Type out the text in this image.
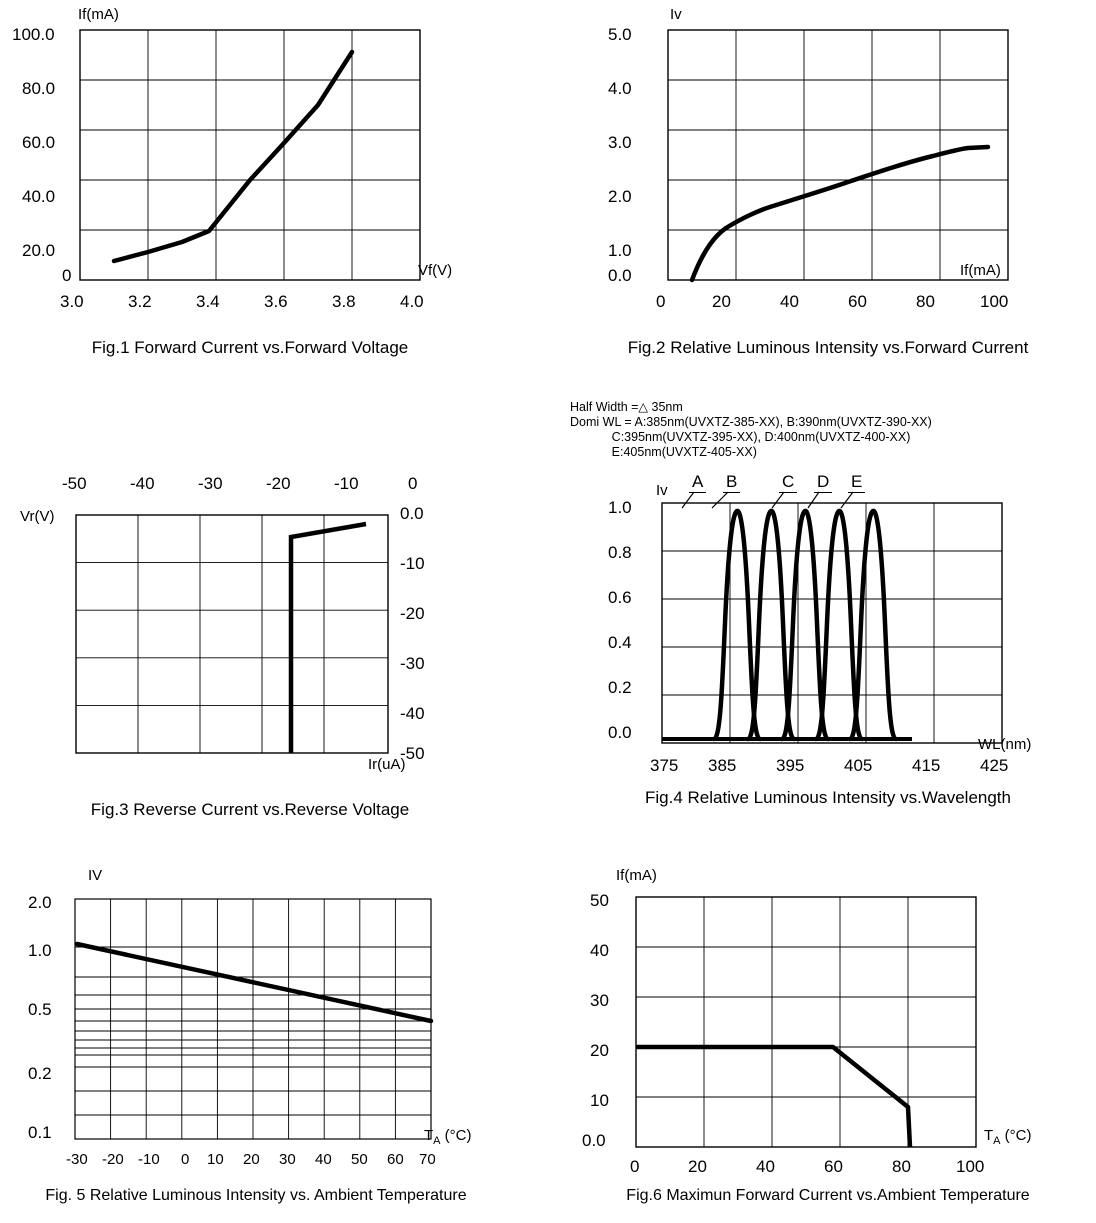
If(mA)
Vf(V)
100.0
80.0
60.0
40.0
20.0
0
3.0	3.2	3.4	3.6	3.8	4.0
Fig.1 Forward Current vs.Forward Voltage
Iv
If(mA)
5.0
4.0
3.0
2.0
1.0
0.0
0	20	40	60	80	100
Fig.2 Relative Luminous Intensity vs.Forward Current
Vr(V)
Ir(uA)
-50	-40	-30	-20	-10	0
0.0
-10
-20
-30
-40
-50
Fig.3 Reverse Current vs.Reverse Voltage
Half Width =△ 35nm
Domi WL = A:385nm(UVXTZ-385-XX), B:390nm(UVXTZ-390-XX)
C:395nm(UVXTZ-395-XX), D:400nm(UVXTZ-400-XX)
E:405nm(UVXTZ-405-XX)
Iv
WL(nm)
A B	C D E
1.0
0.8
0.6
0.4
0.2
0.0
375 385 395 405 415 425
Fig.4 Relative Luminous Intensity vs.Wavelength
IV
$T_A$ (°C)
2.0
1.0
0.5
0.2
0.1
-30 -20 -10 0 10 20 30 40 50 60 70
Fig. 5 Relative Luminous Intensity vs. Ambient Temperature
If(mA)
$T_A$ (°C)
50
40
30
20
10
0.0
0	20	40	60	80	100
Fig.6 Maximun Forward Current vs.Ambient Temperature
